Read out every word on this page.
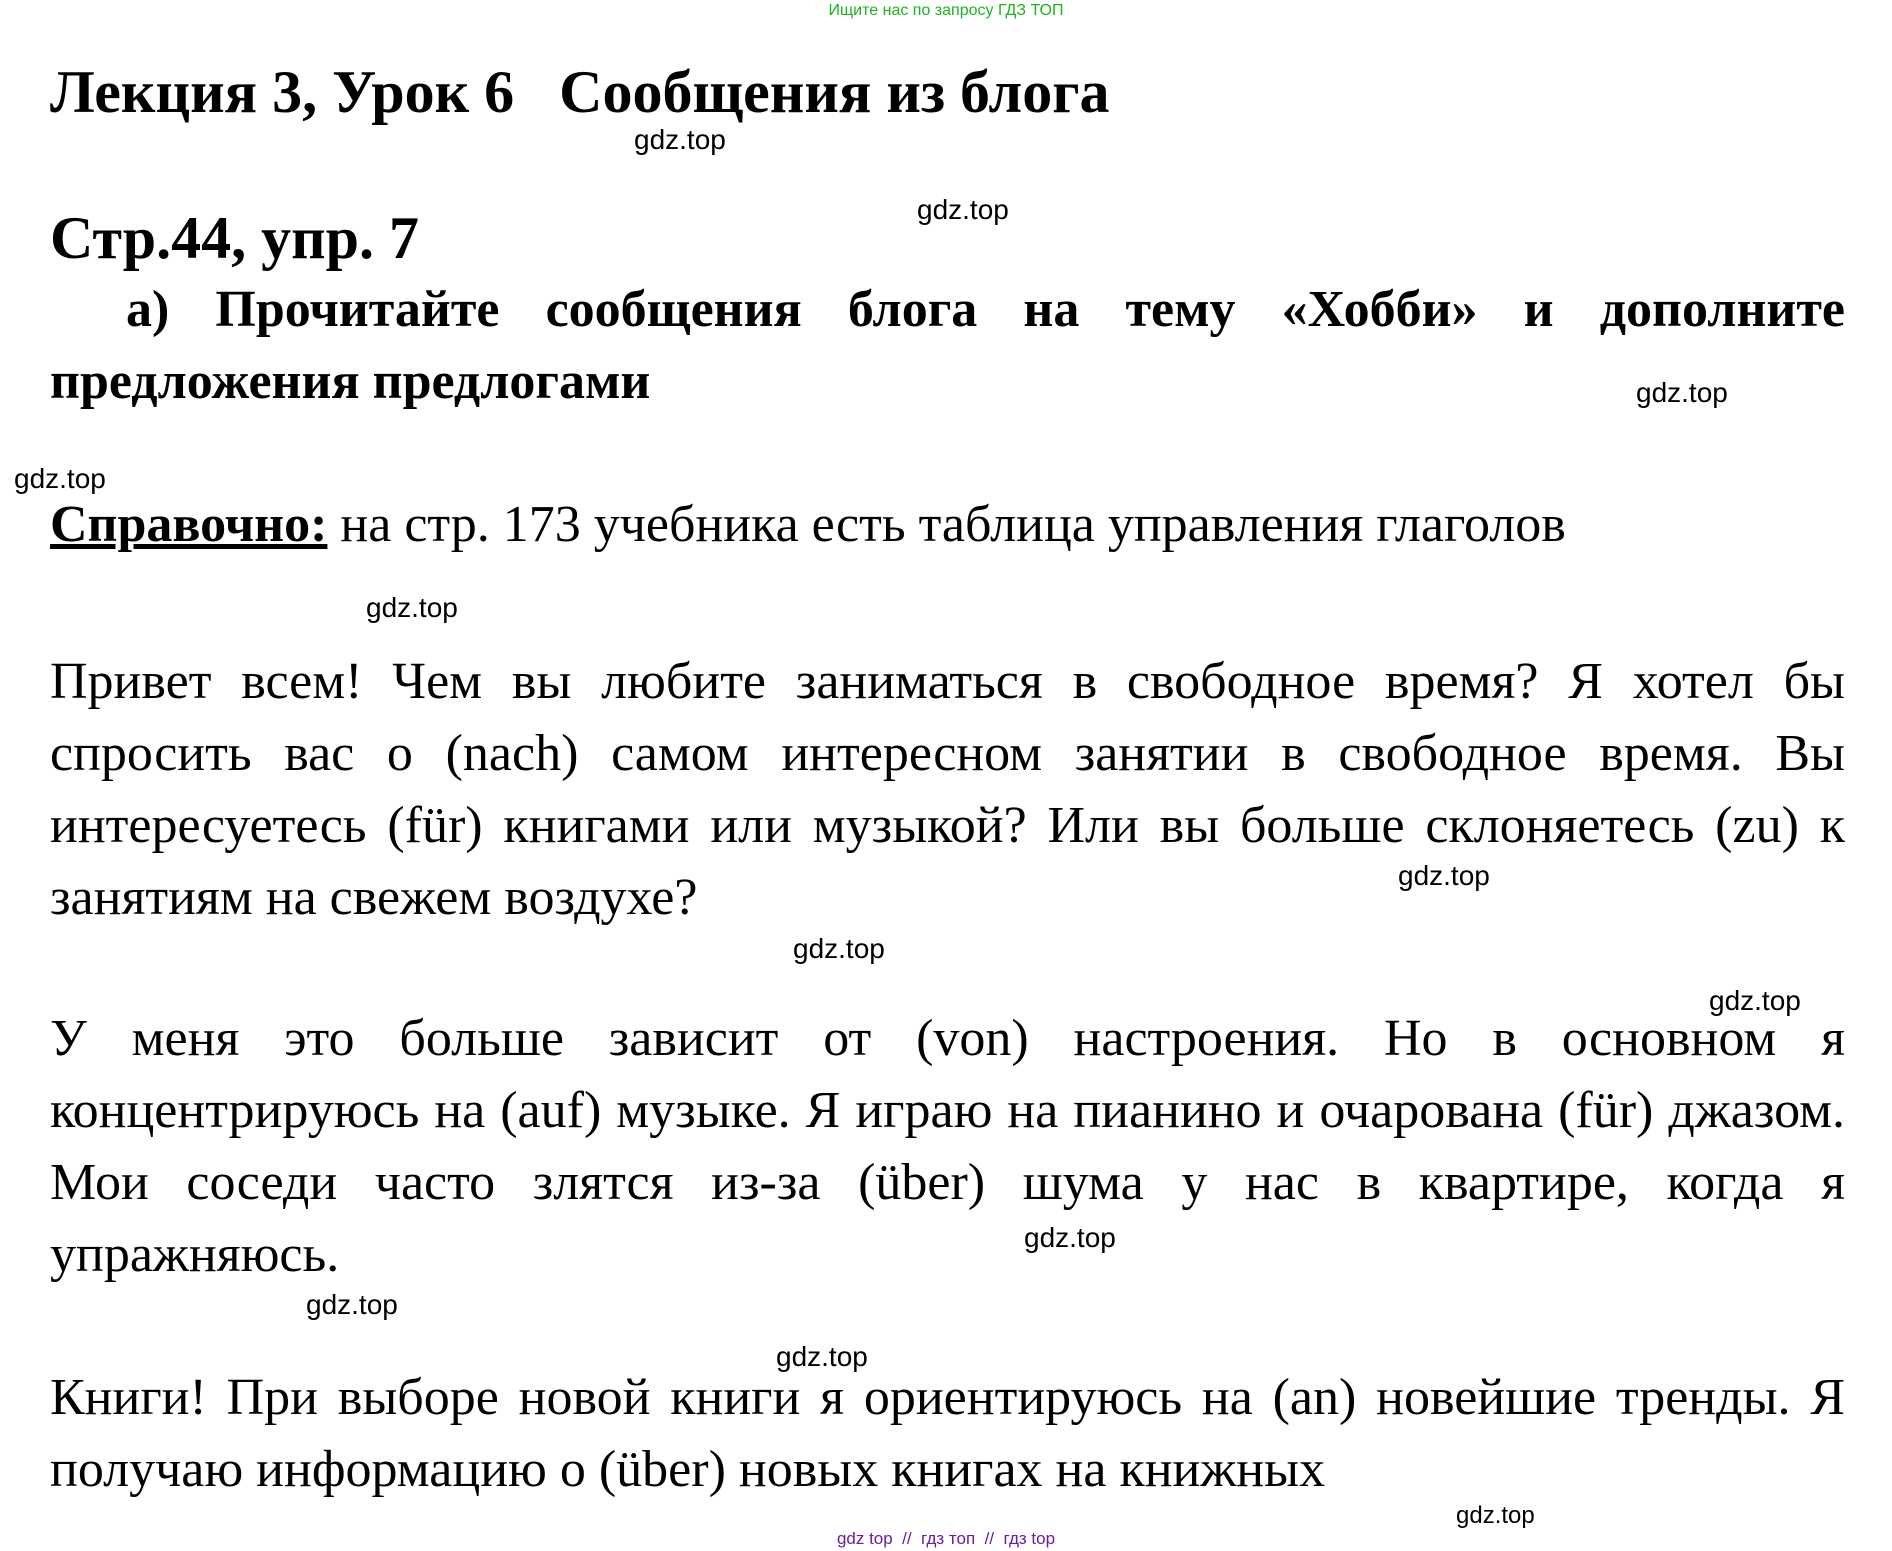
Ищите нас по запросу ГДЗ ТОП
Лекция 3, Урок 6   Сообщения из блога
Стр.44, упр. 7

а) Прочитайте сообщения блога на тему «Хобби» и дополните предложения предлогами

Справочно: на стр. 173 учебника есть таблица управления глаголов

Привет всем! Чем вы любите заниматься в свободное время? Я хотел бы спросить вас о (nach) самом интересном занятии в свободное время. Вы интересуетесь (für) книгами или музыкой? Или вы больше склоняетесь (zu) к занятиям на свежем воздухе?

У меня это больше зависит от (von) настроения. Но в основном я концентрируюсь на (auf) музыке. Я играю на пианино и очарована (für) джазом. Мои соседи часто злятся из-за (über) шума у нас в квартире, когда я упражняюсь.

Книги! При выборе новой книги я ориентируюсь на (an) новейшие тренды. Я получаю информацию о (über) новых книгах на книжных

gdz.top
gdz.top
gdz.top
gdz.top
gdz.top
gdz.top
gdz.top
gdz.top
gdz.top
gdz.top
gdz.top
gdz.top
gdz top  //  гдз топ  //  гдз top
